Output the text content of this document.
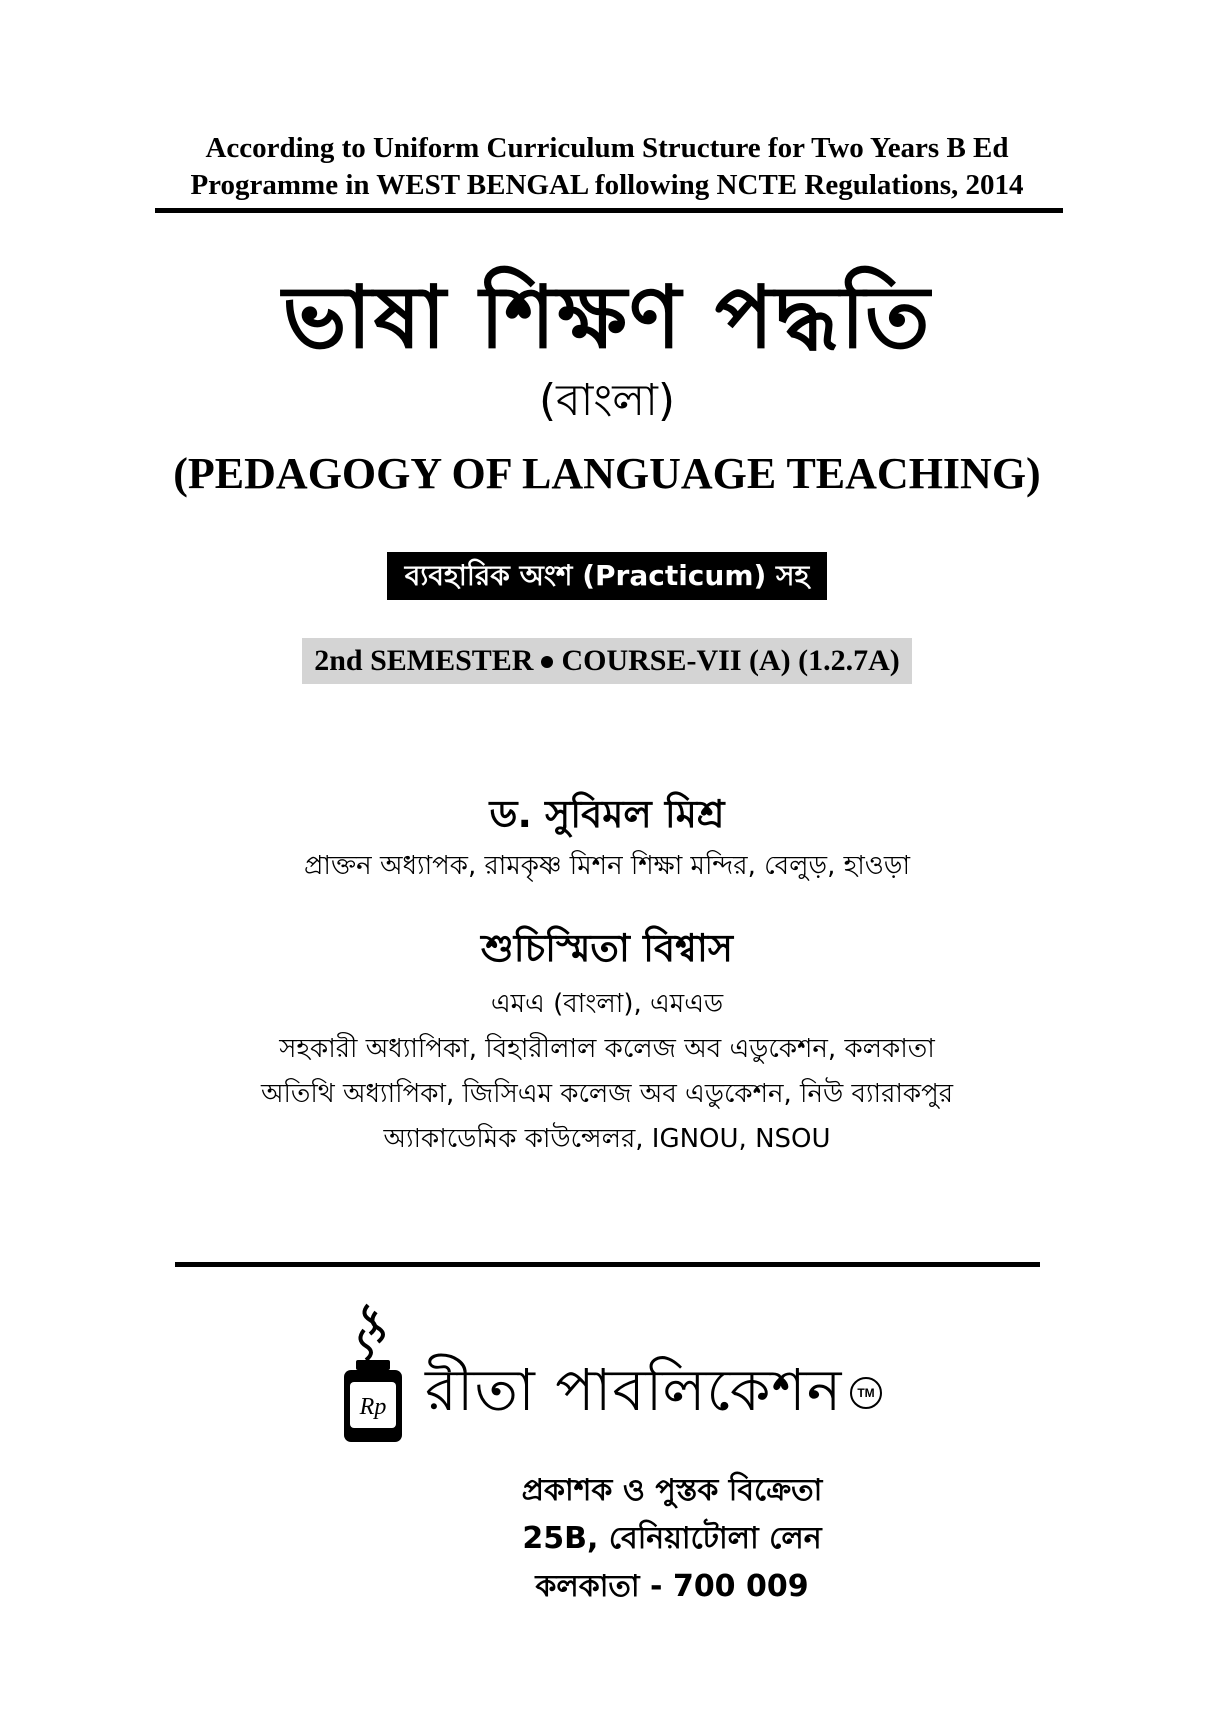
According to Uniform Curriculum Structure for Two Years B Ed
Programme in WEST BENGAL following NCTE Regulations, 2014
ভাষা শিক্ষণ পদ্ধতি
(বাংলা)
(PEDAGOGY OF LANGUAGE TEACHING)
ব্যবহারিক অংশ (Practicum) সহ
2nd SEMESTER COURSE-VII (A) (1.2.7A)
ড. সুবিমল মিশ্র
প্রাক্তন অধ্যাপক, রামকৃষ্ণ মিশন শিক্ষা মন্দির, বেলুড়, হাওড়া
শুচিস্মিতা বিশ্বাস
এমএ (বাংলা), এমএড
সহকারী অধ্যাপিকা, বিহারীলাল কলেজ অব এডুকেশন, কলকাতা
অতিথি অধ্যাপিকা, জিসিএম কলেজ অব এডুকেশন, নিউ ব্যারাকপুর
অ্যাকাডেমিক কাউন্সেলর, IGNOU, NSOU
Rp রীতা পাবলিকেশন	TM
প্রকাশক ও পুস্তক বিক্রেতা
25B, বেনিয়াটোলা লেন
কলকাতা - 700 009
